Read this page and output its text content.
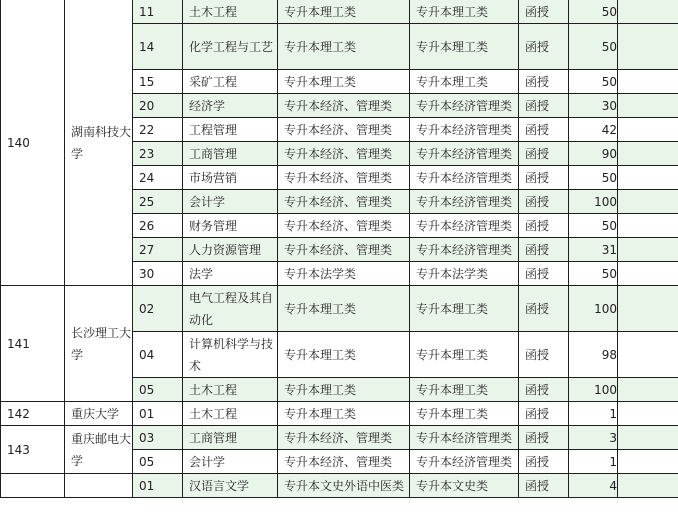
140	湖南科技大学	11	土木工程	专升本理工类	专升本理工类	函授	50	
		14	化学工程与工艺	专升本理工类	专升本理工类	函授	50	
		15	采矿工程	专升本理工类	专升本理工类	函授	50	
		20	经济学	专升本经济、管理类	专升本经济管理类	函授	30	
		22	工程管理	专升本经济、管理类	专升本经济管理类	函授	42	
		23	工商管理	专升本经济、管理类	专升本经济管理类	函授	90	
		24	市场营销	专升本经济、管理类	专升本经济管理类	函授	50	
		25	会计学	专升本经济、管理类	专升本经济管理类	函授	100	
		26	财务管理	专升本经济、管理类	专升本经济管理类	函授	50	
		27	人力资源管理	专升本经济、管理类	专升本经济管理类	函授	31	
		30	法学	专升本法学类	专升本法学类	函授	50	
141	长沙理工大学	02	电气工程及其自动化	专升本理工类	专升本理工类	函授	100	
		04	计算机科学与技术	专升本理工类	专升本理工类	函授	98	
		05	土木工程	专升本理工类	专升本理工类	函授	100	
142	重庆大学	01	土木工程	专升本理工类	专升本理工类	函授	1	
143	重庆邮电大学	03	工商管理	专升本经济、管理类	专升本经济管理类	函授	3	
		05	会计学	专升本经济、管理类	专升本经济管理类	函授	1	
		01	汉语言文学	专升本文史外语中医类	专升本文史类	函授	4	
